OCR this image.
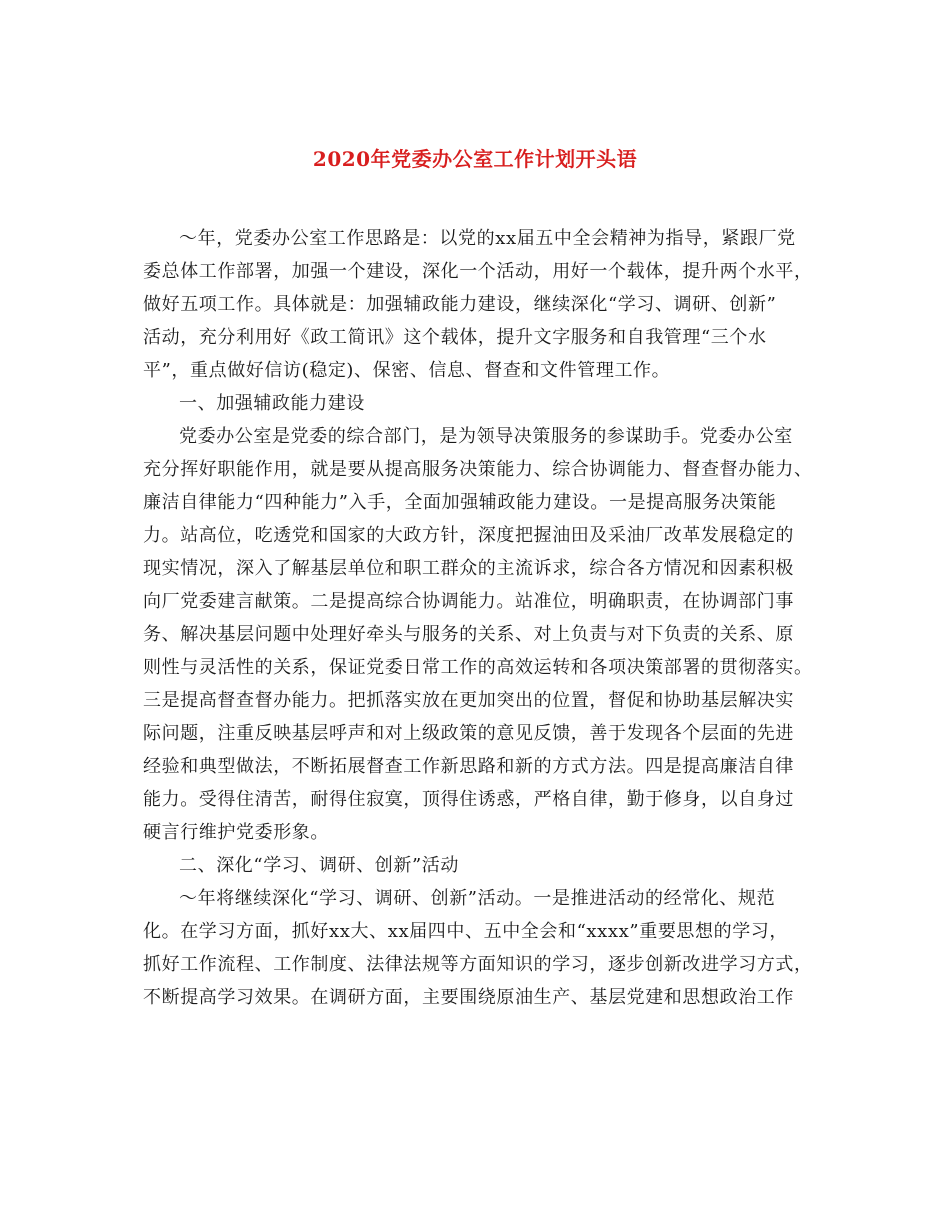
2020年党委办公室工作计划开头语
～年，党委办公室工作思路是：以党的xx届五中全会精神为指导，紧跟厂党
委总体工作部署，加强一个建设，深化一个活动，用好一个载体，提升两个水平，
做好五项工作。具体就是：加强辅政能力建设，继续深化“学习、调研、创新”
活动，充分利用好《政工简讯》这个载体，提升文字服务和自我管理“三个水
平”，重点做好信访(稳定)、保密、信息、督查和文件管理工作。
一、加强辅政能力建设
党委办公室是党委的综合部门，是为领导决策服务的参谋助手。党委办公室
充分挥好职能作用，就是要从提高服务决策能力、综合协调能力、督查督办能力、
廉洁自律能力“四种能力”入手，全面加强辅政能力建设。一是提高服务决策能
力。站高位，吃透党和国家的大政方针，深度把握油田及采油厂改革发展稳定的
现实情况，深入了解基层单位和职工群众的主流诉求，综合各方情况和因素积极
向厂党委建言献策。二是提高综合协调能力。站准位，明确职责，在协调部门事
务、解决基层问题中处理好牵头与服务的关系、对上负责与对下负责的关系、原
则性与灵活性的关系，保证党委日常工作的高效运转和各项决策部署的贯彻落实。
三是提高督查督办能力。把抓落实放在更加突出的位置，督促和协助基层解决实
际问题，注重反映基层呼声和对上级政策的意见反馈，善于发现各个层面的先进
经验和典型做法，不断拓展督查工作新思路和新的方式方法。四是提高廉洁自律
能力。受得住清苦，耐得住寂寞，顶得住诱惑，严格自律，勤于修身，以自身过
硬言行维护党委形象。
二、深化“学习、调研、创新”活动
～年将继续深化“学习、调研、创新”活动。一是推进活动的经常化、规范
化。在学习方面，抓好xx大、xx届四中、五中全会和“xxxx”重要思想的学习，
抓好工作流程、工作制度、法律法规等方面知识的学习，逐步创新改进学习方式，
不断提高学习效果。在调研方面，主要围绕原油生产、基层党建和思想政治工作
